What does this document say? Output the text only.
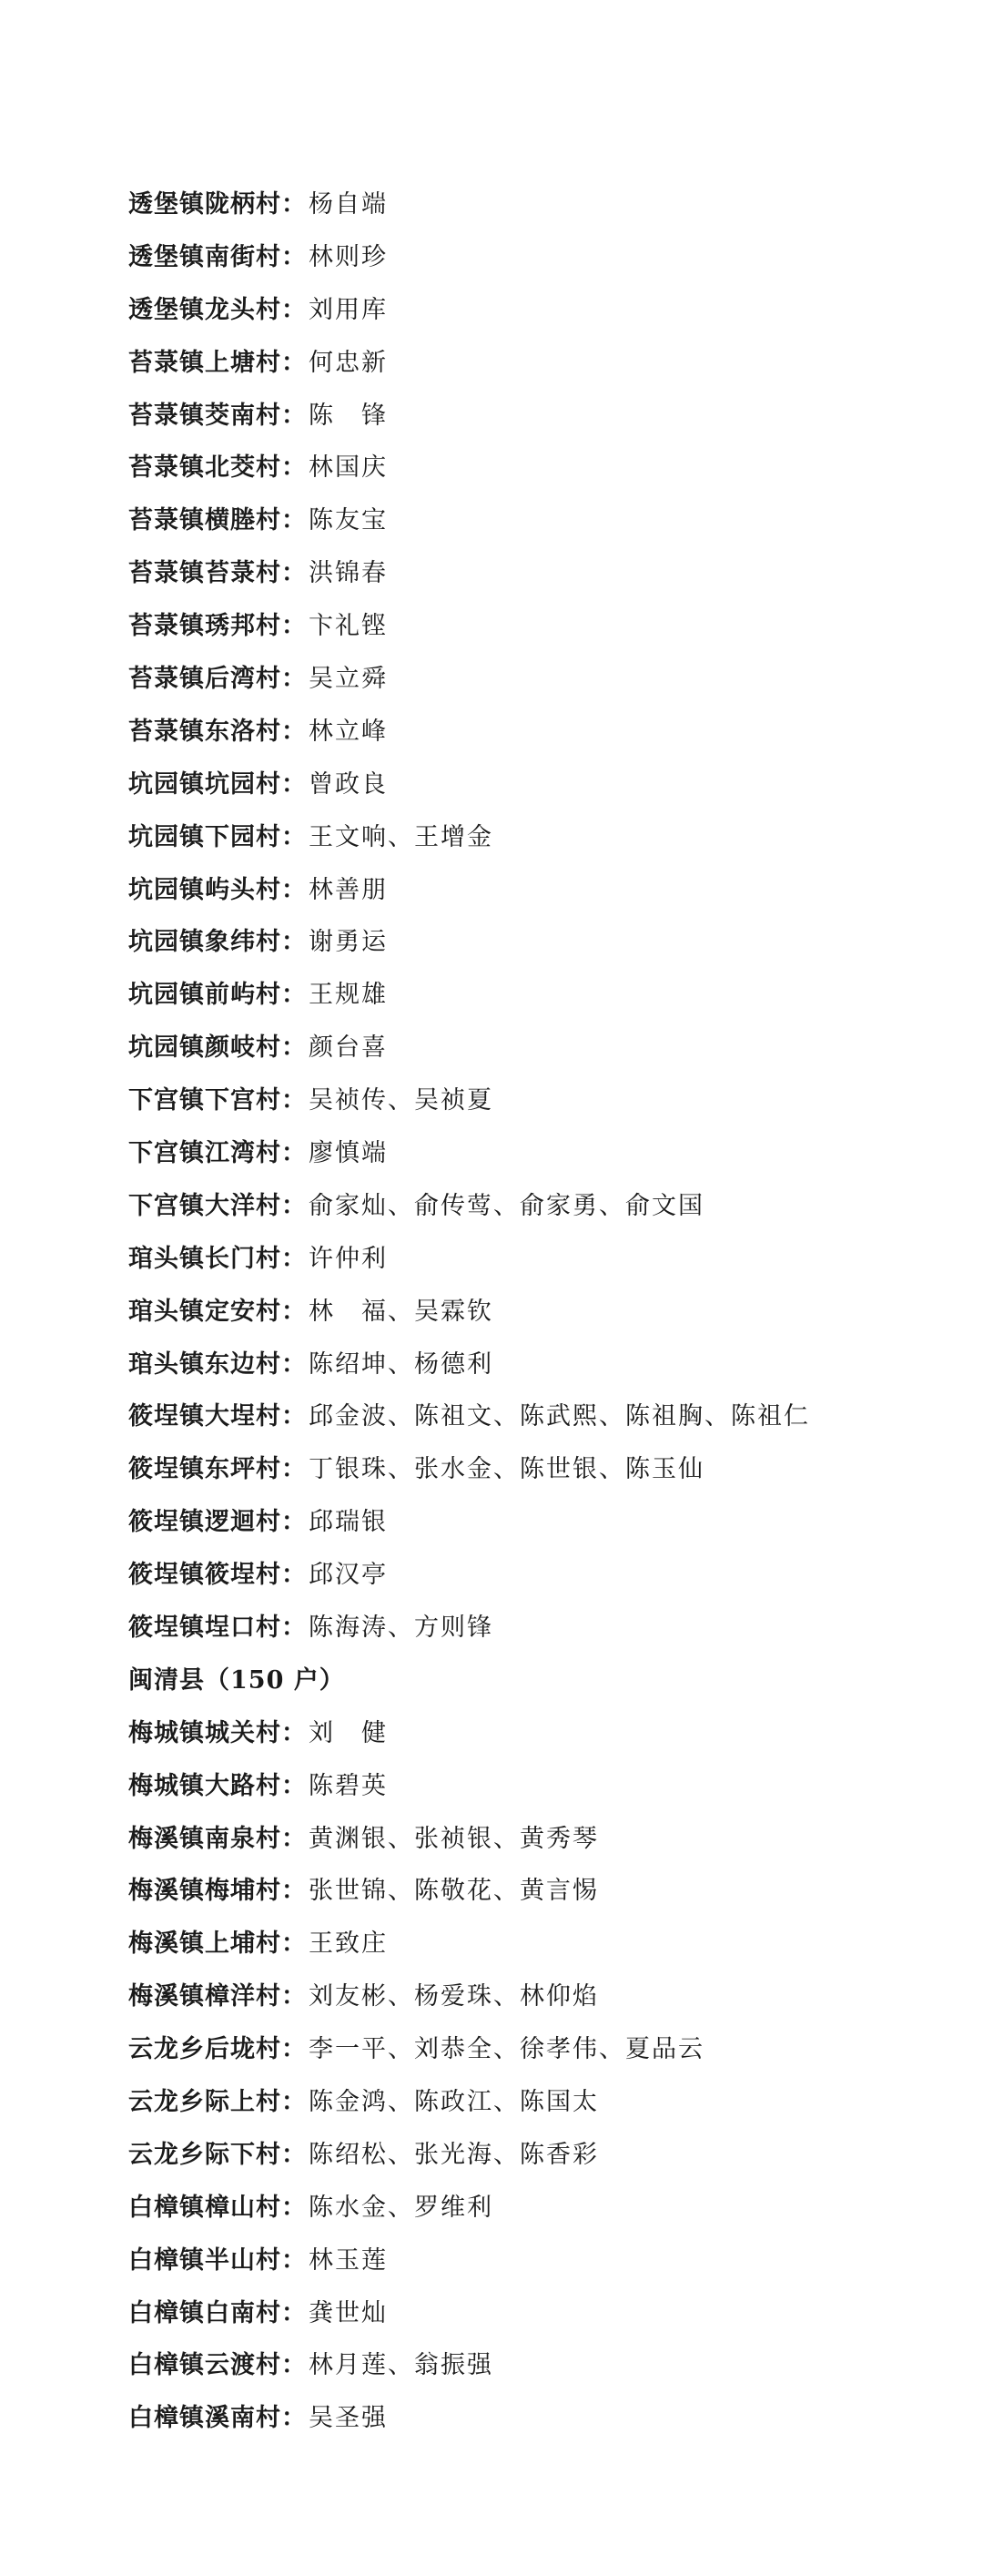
透堡镇陇柄村： 杨自端
透堡镇南街村： 林则珍
透堡镇龙头村： 刘用库
苔菉镇上塘村： 何忠新
苔菉镇茭南村： 陈　锋
苔菉镇北茭村： 林国庆
苔菉镇横塍村： 陈友宝
苔菉镇苔菉村： 洪锦春
苔菉镇琇邦村： 卞礼铿
苔菉镇后湾村： 吴立舜
苔菉镇东洛村： 林立峰
坑园镇坑园村： 曾政良
坑园镇下园村： 王文响、王增金
坑园镇屿头村： 林善朋
坑园镇象纬村： 谢勇运
坑园镇前屿村： 王规雄
坑园镇颜岐村： 颜台喜
下宫镇下宫村： 吴祯传、吴祯夏
下宫镇江湾村： 廖慎端
下宫镇大洋村： 俞家灿、俞传莺、俞家勇、俞文国
琯头镇长门村： 许仲利
琯头镇定安村： 林　福、吴霖钦
琯头镇东边村： 陈绍坤、杨德利
筱埕镇大埕村： 邱金波、陈祖文、陈武熙、陈祖胸、陈祖仁
筱埕镇东坪村： 丁银珠、张水金、陈世银、陈玉仙
筱埕镇逻迴村： 邱瑞银
筱埕镇筱埕村： 邱汉亭
筱埕镇埕口村： 陈海涛、方则锋
闽清县（150 户）
梅城镇城关村： 刘　健
梅城镇大路村： 陈碧英
梅溪镇南泉村： 黄渊银、张祯银、黄秀琴
梅溪镇梅埔村： 张世锦、陈敬花、黄言惕
梅溪镇上埔村： 王致庄
梅溪镇樟洋村： 刘友彬、杨爱珠、林仰焰
云龙乡后垅村： 李一平、刘恭全、徐孝伟、夏品云
云龙乡际上村： 陈金鸿、陈政江、陈国太
云龙乡际下村： 陈绍松、张光海、陈香彩
白樟镇樟山村： 陈水金、罗维利
白樟镇半山村： 林玉莲
白樟镇白南村： 龚世灿
白樟镇云渡村： 林月莲、翁振强
白樟镇溪南村： 吴圣强
